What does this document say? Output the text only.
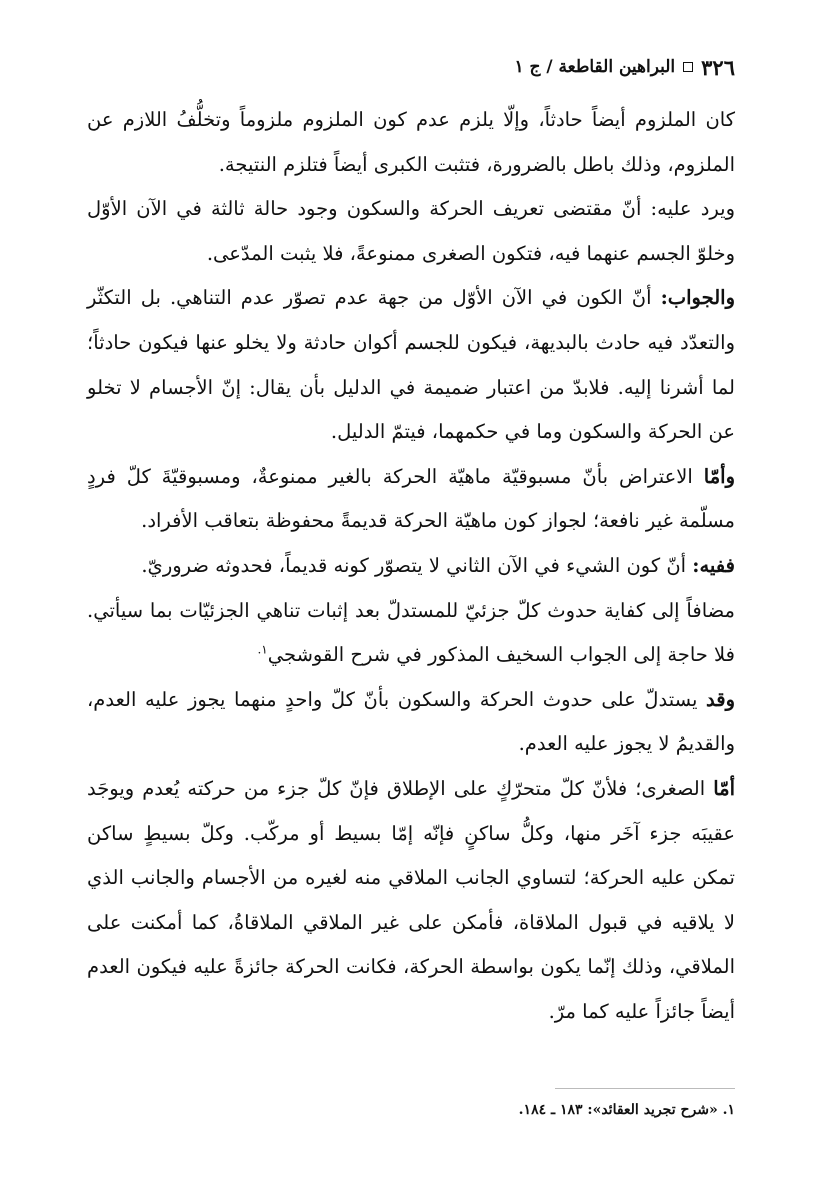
٣٢٦
البراهين القاطعة / ج ١

كان الملزوم أيضاً حادثاً، وإلّا يلزم عدم كون الملزوم ملزوماً وتخلُّفُ اللازم عن الملزوم، وذلك باطل بالضرورة، فتثبت الكبرى أيضاً فتلزم النتيجة.

ويرد عليه: أنّ مقتضى تعريف الحركة والسكون وجود حالة ثالثة في الآن الأوّل وخلوّ الجسم عنهما فيه، فتكون الصغرى ممنوعةً، فلا يثبت المدّعى.

والجواب: أنّ الكون في الآن الأوّل من جهة عدم تصوّر عدم التناهي. بل التكثّر والتعدّد فيه حادث بالبديهة، فيكون للجسم أكوان حادثة ولا يخلو عنها فيكون حادثاً؛ لما أشرنا إليه. فلابدّ من اعتبار ضميمة في الدليل بأن يقال: إنّ الأجسام لا تخلو عن الحركة والسكون وما في حكمهما، فيتمّ الدليل.

وأمّا الاعتراض بأنّ مسبوقيّة ماهيّة الحركة بالغير ممنوعةٌ، ومسبوقيّةَ كلّ فردٍ مسلّمة غير نافعة؛ لجواز كون ماهيّة الحركة قديمةً محفوظة بتعاقب الأفراد.

ففيه: أنّ كون الشيء في الآن الثاني لا يتصوّر كونه قديماً، فحدوثه ضروريّ.

مضافاً إلى كفاية حدوث كلّ جزئيّ للمستدلّ بعد إثبات تناهي الجزئيّات بما سيأتي. فلا حاجة إلى الجواب السخيف المذكور في شرح القوشجي$^{١.}$

وقد يستدلّ على حدوث الحركة والسكون بأنّ كلّ واحدٍ منهما يجوز عليه العدم، والقديمُ لا يجوز عليه العدم.

أمّا الصغرى؛ فلأنّ كلّ متحرّكٍ على الإطلاق فإنّ كلّ جزء من حركته يُعدم ويوجَد عقيبَه جزء آخَر منها، وكلُّ ساكنٍ فإنّه إمّا بسيط أو مركّب. وكلّ بسيطٍ ساكن تمكن عليه الحركة؛ لتساوي الجانب الملاقي منه لغيره من الأجسام والجانب الذي لا يلاقيه في قبول الملاقاة، فأمكن على غير الملاقي الملاقاةُ، كما أمكنت على الملاقي، وذلك إنّما يكون بواسطة الحركة، فكانت الحركة جائزةً عليه فيكون العدم أيضاً جائزاً عليه كما مرّ.

١. «شرح تجريد العقائد»: ١٨٣ ـ ١٨٤.
